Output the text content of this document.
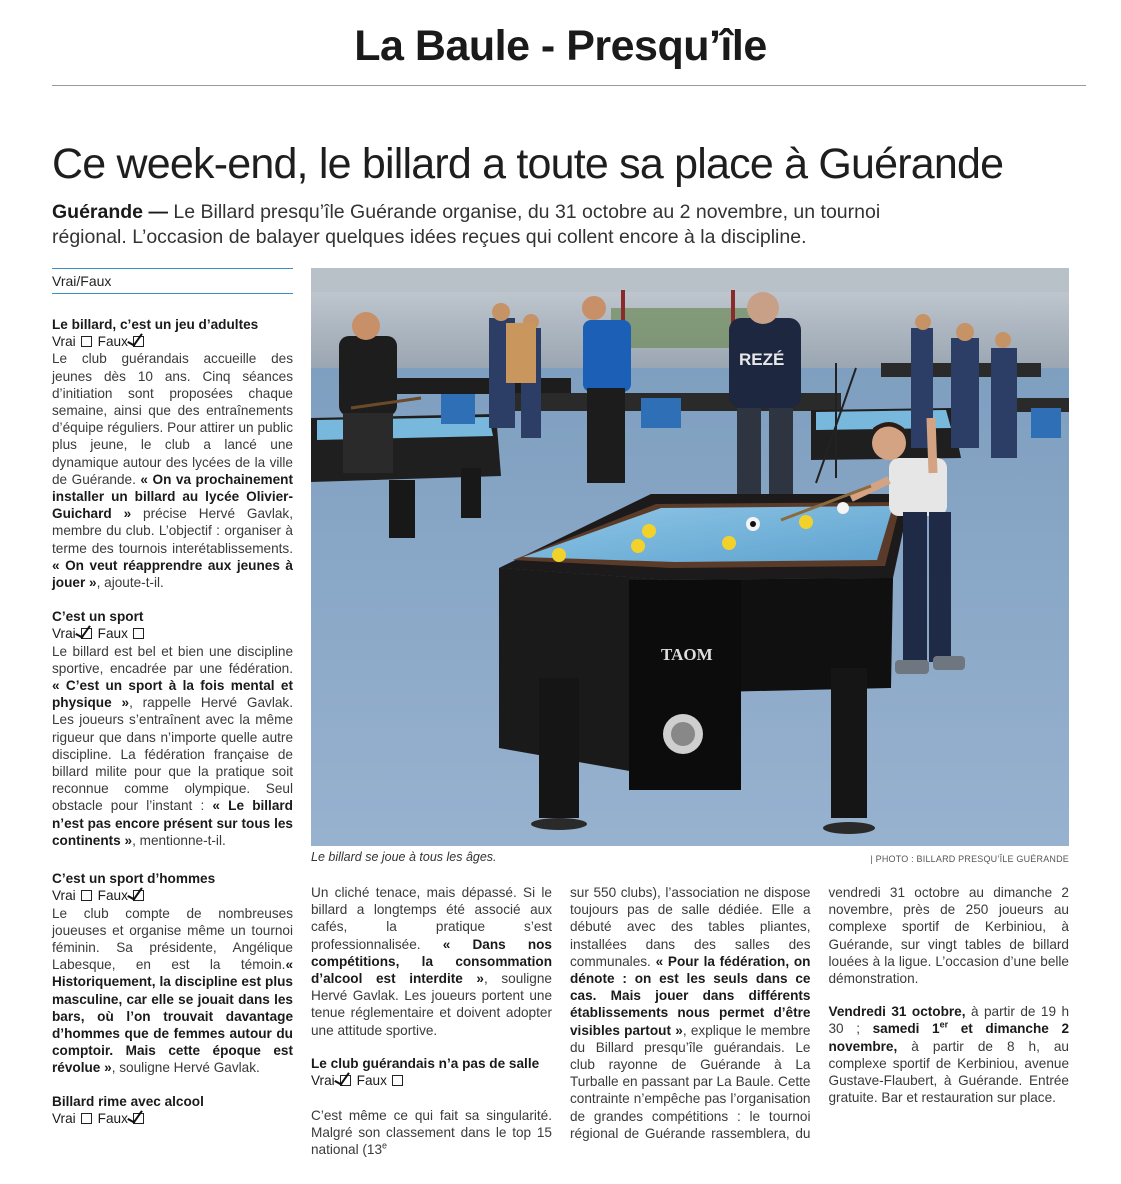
La Baule - Presqu’île
Ce week-end, le billard a toute sa place à Guérande
Guérande — Le Billard presqu’île Guérande organise, du 31 octobre au 2 novembre, un tournoi régional. L’occasion de balayer quelques idées reçues qui collent encore à la discipline.
Vrai/Faux

Le billard, c’est un jeu d’adultes

Vrai Faux

Le club guérandais accueille des jeunes dès 10 ans. Cinq séances d’initiation sont proposées chaque semaine, ainsi que des entraînements d’équipe réguliers. Pour attirer un public plus jeune, le club a lancé une dynamique autour des lycées de la ville de Guérande. « On va prochainement installer un billard au lycée Olivier-Guichard » précise Hervé Gavlak, membre du club. L’objectif : organiser à terme des tournois interétablissements. « On veut réapprendre aux jeunes à jouer », ajoute-t-il.

C’est un sport

Vrai Faux

Le billard est bel et bien une discipline sportive, encadrée par une fédération. « C’est un sport à la fois mental et physique », rappelle Hervé Gavlak. Les joueurs s’entraînent avec la même rigueur que dans n’importe quelle autre discipline. La fédération française de billard milite pour que la pratique soit reconnue comme olympique. Seul obstacle pour l’instant : « Le billard n’est pas encore présent sur tous les continents », mentionne-t-il.

C’est un sport d’hommes

Vrai Faux

Le club compte de nombreuses joueuses et organise même un tournoi féminin. Sa présidente, Angélique Labesque, en est la témoin.« Historiquement, la discipline est plus masculine, car elle se jouait dans les bars, où l’on trouvait davantage d’hommes que de femmes autour du comptoir. Mais cette époque est révolue », souligne Hervé Gavlak.

Billard rime avec alcool

Vrai Faux

REZÉ
TAOM
Le billard se joue à tous les âges.	| PHOTO : BILLARD PRESQU’ÎLE GUÉRANDE

Un cliché tenace, mais dépassé. Si le billard a longtemps été associé aux cafés, la pratique s’est professionnalisée. « Dans nos compétitions, la consommation d’alcool est interdite », souligne Hervé Gavlak. Les joueurs portent une tenue réglementaire et doivent adopter une attitude sportive.

Le club guérandais n’a pas de salle

Vrai Faux

sur 550 clubs), l’association ne dispose toujours pas de salle dédiée. Elle a débuté avec des tables pliantes, installées dans des salles des communales. « Pour la fédération, on dénote : on est les seuls dans ce cas. Mais jouer dans différents établissements nous permet d’être visibles partout », explique le membre du Billard presqu’île guérandais. Le club rayonne de Guérande à La Turballe en passant par La Baule. Cette contrainte n’empêche pas l’organisation de grandes compétitions : le tournoi régional de Guérande rassemblera, du vendredi 31 octobre au dimanche 2 novembre, près de 250 joueurs au complexe sportif de Kerbiniou, à Guérande, sur vingt tables de billard louées à la ligue. L’occasion d’une belle démonstration.

Vendredi 31 octobre, à partir de 19 h 30 ; samedi 1er et dimanche 2 novembre, à partir de 8 h, au complexe sportif de Kerbiniou, avenue Gustave-Flaubert, à Guérande. Entrée gratuite. Bar et restauration sur place.

C’est même ce qui fait sa singularité. Malgré son classement dans le top 15 national (13e
